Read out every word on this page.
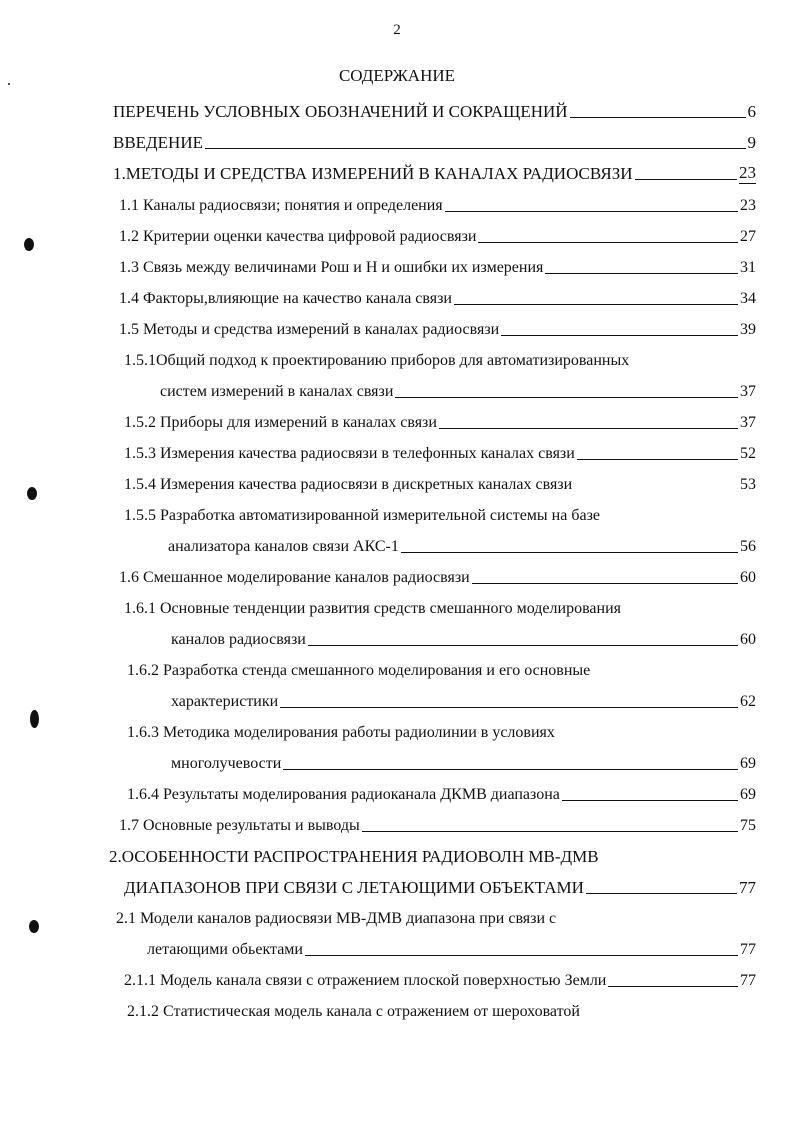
2
СОДЕРЖАНИЕ
ПЕРЕЧЕНЬ УСЛОВНЫХ ОБОЗНАЧЕНИЙ И СОКРАЩЕНИЙ	6
ВВЕДЕНИЕ	9
1.МЕТОДЫ И СРЕДСТВА ИЗМЕРЕНИЙ В КАНАЛАХ РАДИОСВЯЗИ	23
1.1 Каналы радиосвязи; понятия и определения	23
1.2 Критерии оценки качества цифровой радиосвязи	27
1.3 Связь между величинами Рош и Н и ошибки их измерения	31
1.4 Факторы,влияющие на качество канала связи	34
1.5 Методы и средства измерений в каналах радиосвязи	39
1.5.1Общий подход к проектированию приборов для автоматизированных
систем измерений в каналах связи	37
1.5.2 Приборы для измерений в каналах связи	37
1.5.3 Измерения качества радиосвязи в телефонных каналах связи	52
1.5.4 Измерения качества радиосвязи в дискретных каналах связи	53
1.5.5 Разработка автоматизированной измерительной системы на базе
анализатора каналов связи АКС-1	56
1.6 Смешанное моделирование каналов радиосвязи	60
1.6.1 Основные тенденции развития средств смешанного моделирования
каналов радиосвязи	60
1.6.2 Разработка стенда смешанного моделирования и его основные
характеристики	62
1.6.3 Методика моделирования работы радиолинии в условиях
многолучевости	69
1.6.4 Результаты моделирования радиоканала ДКМВ диапазона	69
1.7 Основные результаты и выводы	75
2.ОСОБЕННОСТИ РАСПРОСТРАНЕНИЯ РАДИОВОЛН МВ-ДМВ
ДИАПАЗОНОВ ПРИ СВЯЗИ С ЛЕТАЮЩИМИ ОБЪЕКТАМИ	77
2.1 Модели каналов радиосвязи МВ-ДМВ диапазона при связи с
летающими обьектами	77
2.1.1 Модель канала связи с отражением плоской поверхностью Земли	77
2.1.2 Статистическая модель канала с отражением от шероховатой
